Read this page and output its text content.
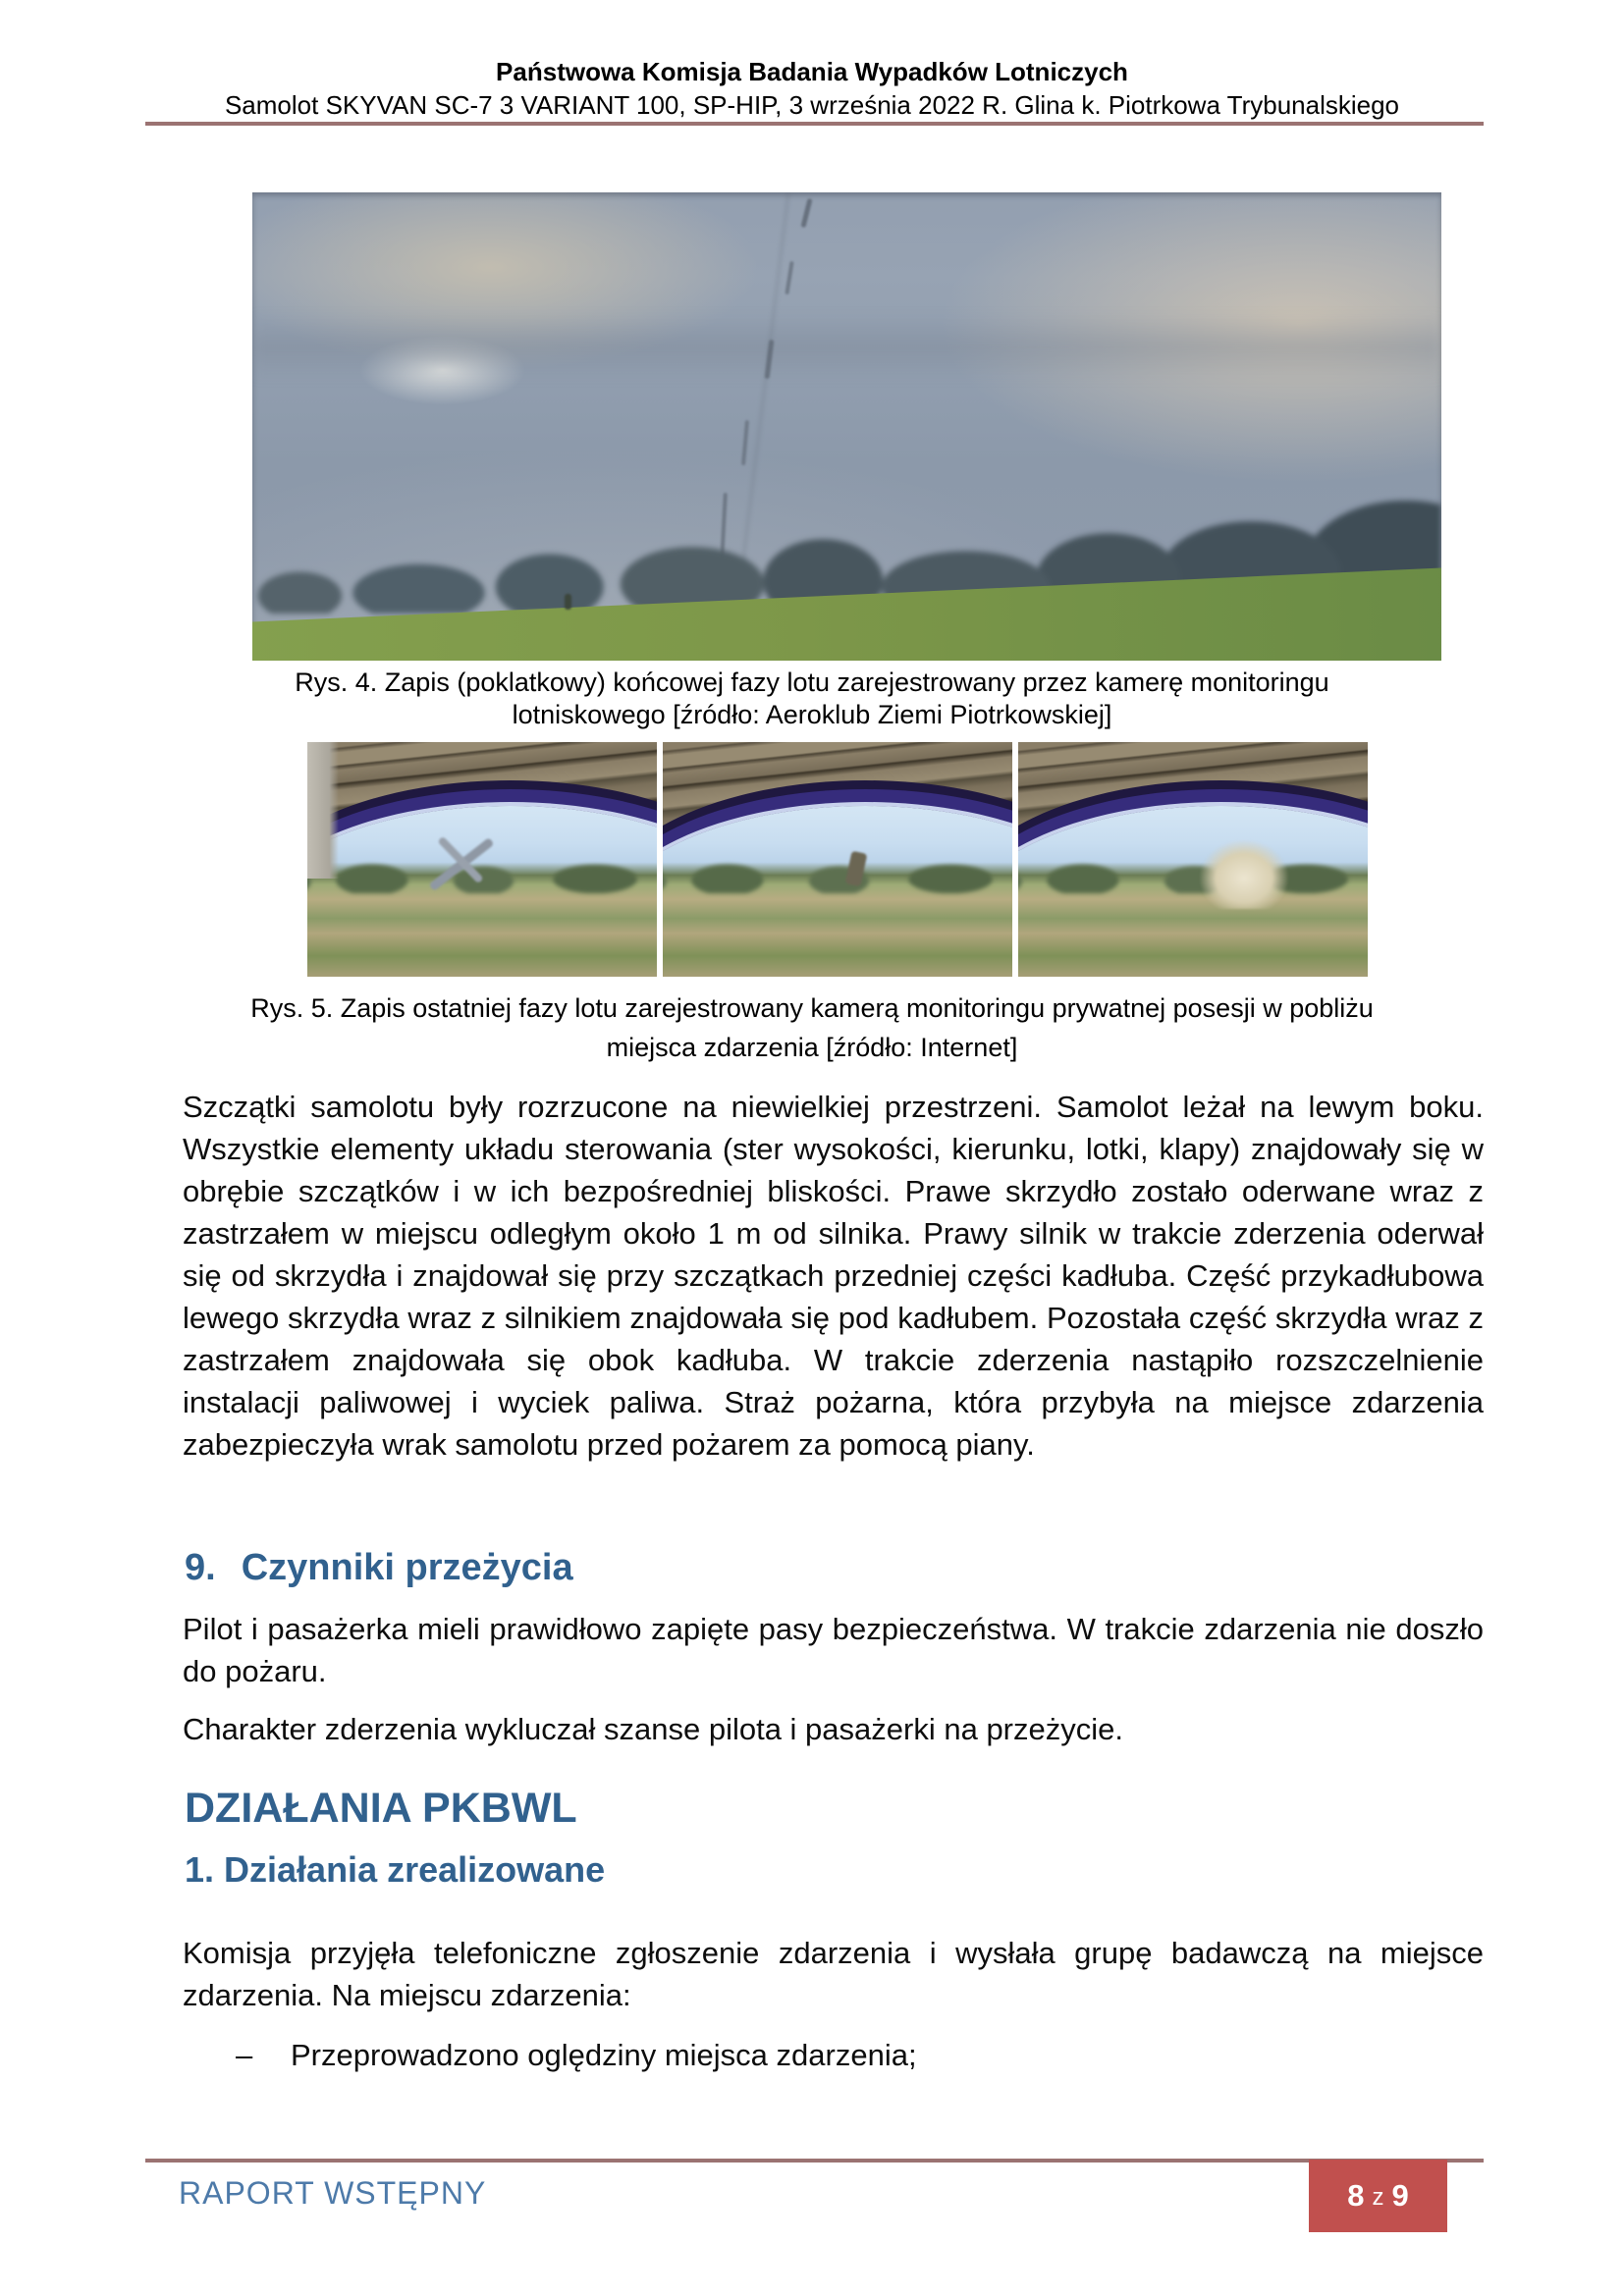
Państwowa Komisja Badania Wypadków Lotniczych
Samolot SKYVAN SC-7 3 VARIANT 100, SP-HIP, 3 września 2022 R. Glina k. Piotrkowa Trybunalskiego
Rys. 4. Zapis (poklatkowy) końcowej fazy lotu zarejestrowany przez kamerę monitoringu
lotniskowego [źródło: Aeroklub Ziemi Piotrkowskiej]
Rys. 5. Zapis ostatniej fazy lotu zarejestrowany kamerą monitoringu prywatnej posesji w pobliżu
miejsca zdarzenia [źródło: Internet]

Szczątki samolotu były rozrzucone na niewielkiej przestrzeni. Samolot leżał na lewym boku. Wszystkie elementy układu sterowania (ster wysokości, kierunku, lotki, klapy) znajdowały się w obrębie szczątków i w ich bezpośredniej bliskości. Prawe skrzydło zostało oderwane wraz z zastrzałem w miejscu odległym około 1 m od silnika. Prawy silnik w trakcie zderzenia oderwał się od skrzydła i znajdował się przy szczątkach przedniej części kadłuba. Część przykadłubowa lewego skrzydła wraz z silnikiem znajdowała się pod kadłubem. Pozostała część skrzydła wraz z zastrzałem znajdowała się obok kadłuba. W trakcie zderzenia nastąpiło rozszczelnienie instalacji paliwowej i wyciek paliwa. Straż pożarna, która przybyła na miejsce zdarzenia zabezpieczyła wrak samolotu przed pożarem za pomocą piany.

9. Czynniki przeżycia

Pilot i pasażerka mieli prawidłowo zapięte pasy bezpieczeństwa. W trakcie zdarzenia nie doszło do pożaru.

Charakter zderzenia wykluczał szanse pilota i pasażerki na przeżycie.

DZIAŁANIA PKBWL
1. Działania zrealizowane

Komisja przyjęła telefoniczne zgłoszenie zdarzenia i wysłała grupę badawczą na miejsce zdarzenia. Na miejscu zdarzenia:

–	Przeprowadzono oględziny miejsca zdarzenia;
RAPORT WSTĘPNY	8 z 9
